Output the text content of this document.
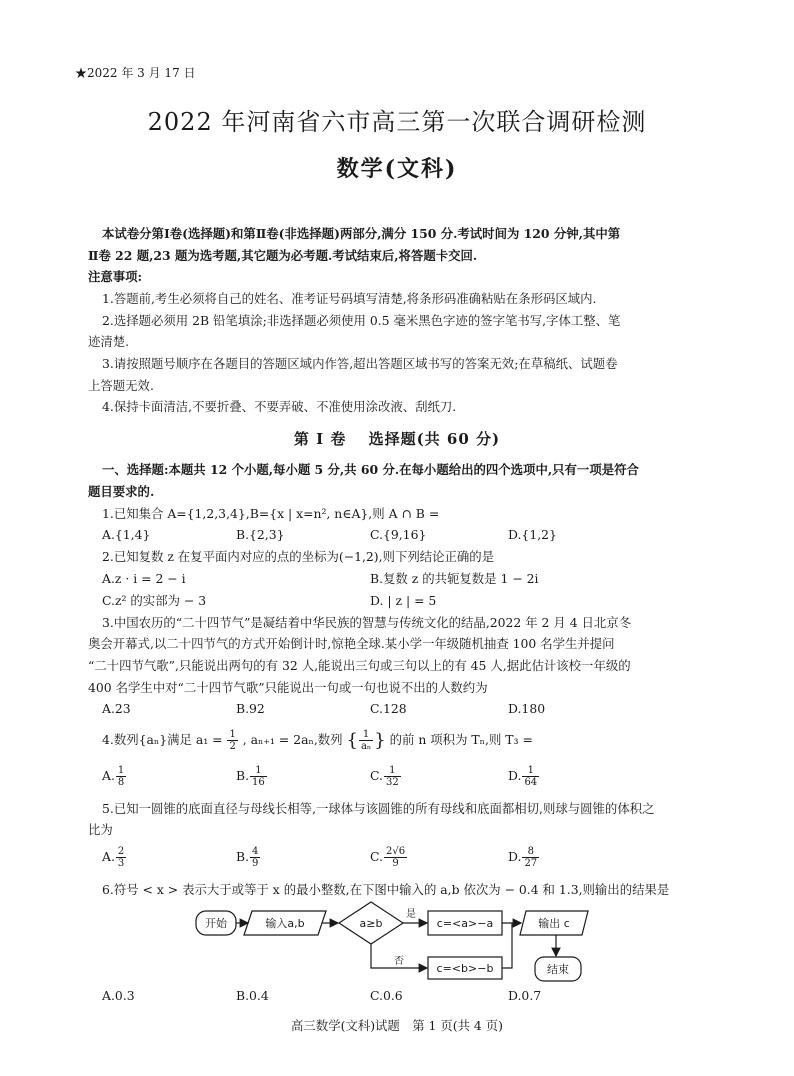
★2022 年 3 月 17 日
2022 年河南省六市高三第一次联合调研检测
数学(文科)
本试卷分第Ⅰ卷(选择题)和第Ⅱ卷(非选择题)两部分,满分 150 分.考试时间为 120 分钟,其中第
Ⅱ卷 22 题,23 题为选考题,其它题为必考题.考试结束后,将答题卡交回.
注意事项:
1.答题前,考生必须将自己的姓名、准考证号码填写清楚,将条形码准确粘贴在条形码区域内.
2.选择题必须用 2B 铅笔填涂;非选择题必须使用 0.5 毫米黑色字迹的签字笔书写,字体工整、笔
迹清楚.
3.请按照题号顺序在各题目的答题区域内作答,超出答题区域书写的答案无效;在草稿纸、试题卷
上答题无效.
4.保持卡面清洁,不要折叠、不要弄破、不准使用涂改液、刮纸刀.
第 Ⅰ 卷　 选择题(共 60 分)
一、选择题:本题共 12 个小题,每小题 5 分,共 60 分.在每小题给出的四个选项中,只有一项是符合
题目要求的.
1.已知集合 A={1,2,3,4},B={x | x=n², n∈A},则 A ∩ B =
A.{1,4}	B.{2,3}	C.{9,16}	D.{1,2}
2.已知复数 z 在复平面内对应的点的坐标为(−1,2),则下列结论正确的是
A.z · i = 2 − i	B.复数 z 的共轭复数是 1 − 2i
C.z² 的实部为 − 3	D. | z | = 5
3.中国农历的“二十四节气”是凝结着中华民族的智慧与传统文化的结晶,2022 年 2 月 4 日北京冬
奥会开幕式,以二十四节气的方式开始倒计时,惊艳全球.某小学一年级随机抽查 100 名学生并提问
“二十四节气歌”,只能说出两句的有 32 人,能说出三句或三句以上的有 45 人,据此估计该校一年级的
400 名学生中对“二十四节气歌”只能说出一句或一句也说不出的人数约为
A.23	B.92	C.128	D.180
4.数列{aₙ}满足 $a_1 = \frac{1}{2}$ , aₙ₊₁ = 2aₙ,数列 { $\frac{1}{\text{aₙ}}$ } 的前 n 项积为 Tₙ,则 T₃ =
A. $\frac{1}{8}$	B. $\frac{1}{16}$	C. $\frac{1}{32}$	D. $\frac{1}{64}$
5.已知一圆锥的底面直径与母线长相等,一球体与该圆锥的所有母线和底面都相切,则球与圆锥的体积之
比为
A. $\frac{2}{3}$	B. $\frac{4}{9}$	C. $\frac{2√6}{9}$	D. $\frac{8}{27}$
6.符号 < x > 表示大于或等于 x 的最小整数,在下图中输入的 a,b 依次为 − 0.4 和 1.3,则输出的结果是
开始	输入a,b	a≥b
是
否
c=<a>−a
c=<b>−b
输出 c
结束
A.0.3	B.0.4	C.0.6	D.0.7
高三数学(文科)试题　第 1 页(共 4 页)
